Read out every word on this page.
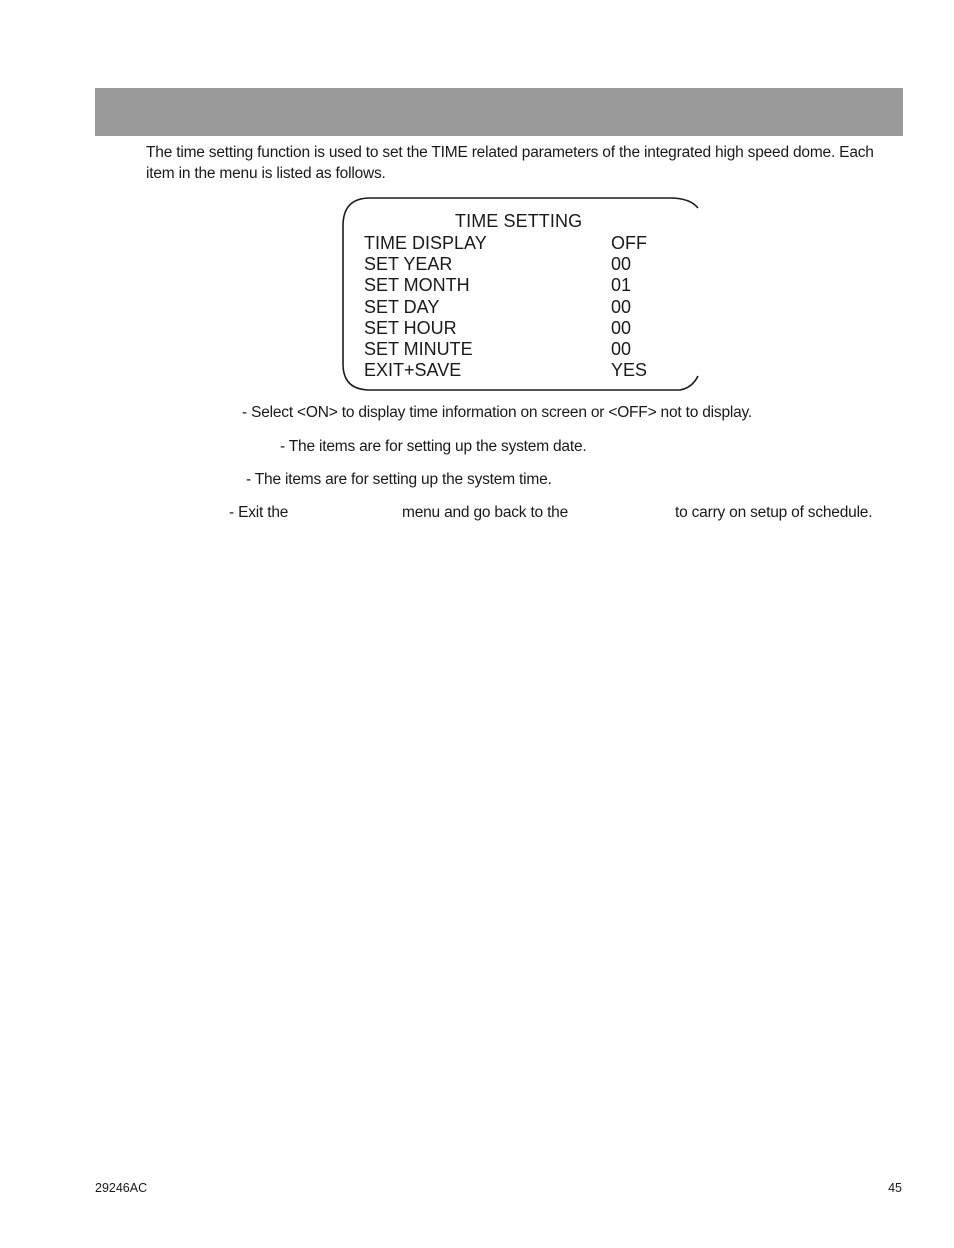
The time setting function is used to set the TIME related parameters of the integrated high speed dome. Each item in the menu is listed as follows.
TIME SETTING
TIME DISPLAY	OFF
SET YEAR	00
SET MONTH	01
SET DAY	00
SET HOUR	00
SET MINUTE	00
EXIT+SAVE	YES
- Select <ON> to display time information on screen or <OFF> not to display.
- The items are for setting up the system date.
- The items are for setting up the system time.
- Exit the	menu and go back to the	to carry on setup of schedule.
29246AC	45
